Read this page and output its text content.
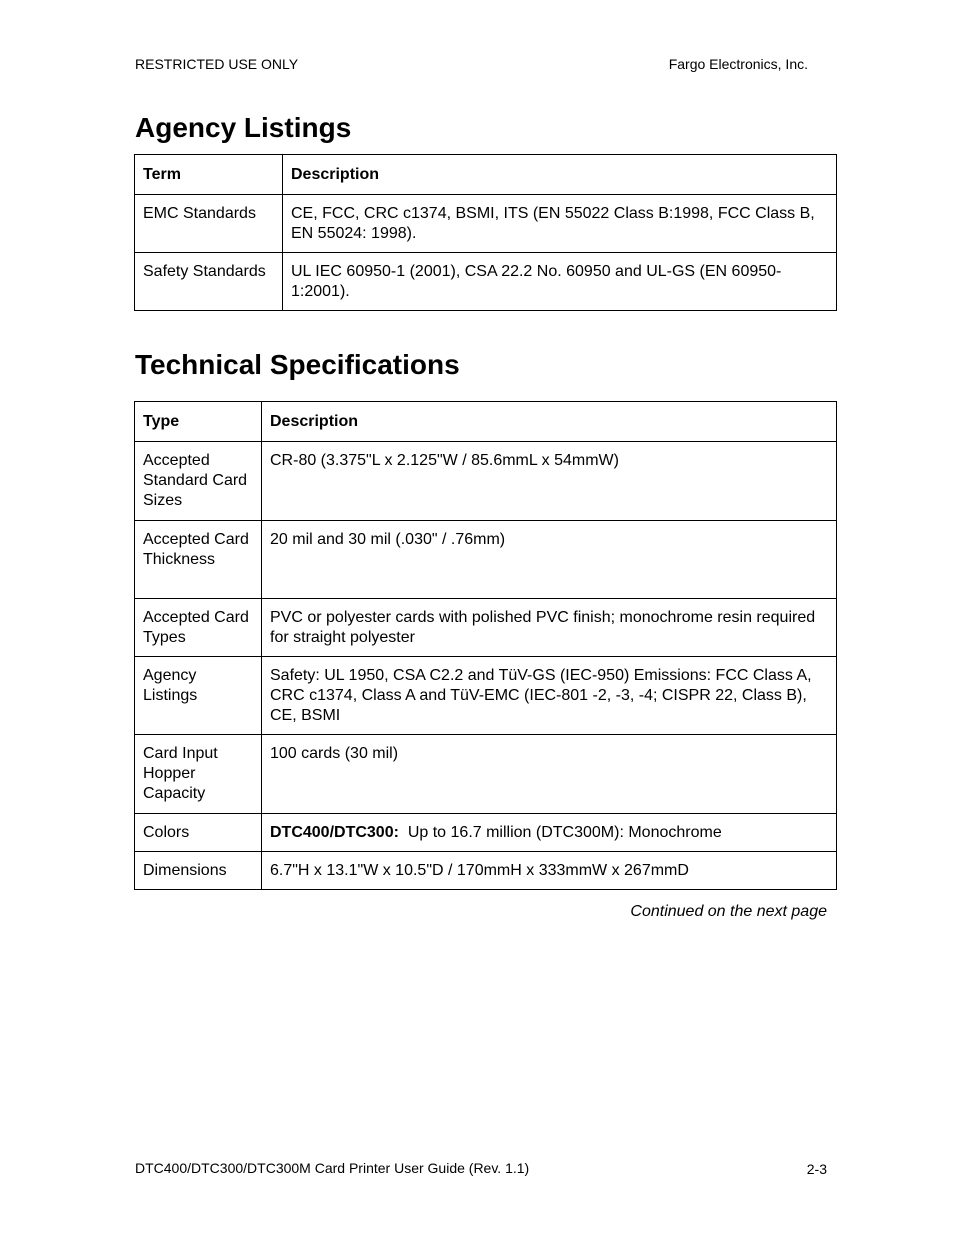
RESTRICTED USE ONLY	Fargo Electronics, Inc.
Agency Listings
Term	Description
EMC Standards	CE, FCC, CRC c1374, BSMI, ITS (EN 55022 Class B:1998, FCC Class B, EN 55024: 1998).
Safety Standards	UL IEC 60950-1 (2001), CSA 22.2 No. 60950 and UL-GS (EN 60950-1:2001).
Technical Specifications
Type	Description
Accepted Standard Card Sizes	CR-80 (3.375"L x 2.125"W / 85.6mmL x 54mmW)
Accepted Card Thickness	20 mil and 30 mil (.030" / .76mm)
Accepted Card Types	PVC or polyester cards with polished PVC finish; monochrome resin required for straight polyester
Agency Listings	Safety: UL 1950, CSA C2.2 and TüV-GS (IEC-950) Emissions: FCC Class A, CRC c1374, Class A and TüV-EMC (IEC-801 -2, -3, -4; CISPR 22, Class B), CE, BSMI
Card Input Hopper Capacity	100 cards (30 mil)
Colors	DTC400/DTC300: Up to 16.7 million (DTC300M): Monochrome
Dimensions	6.7"H x 13.1"W x 10.5"D / 170mmH x 333mmW x 267mmD
Continued on the next page
DTC400/DTC300/DTC300M Card Printer User Guide (Rev. 1.1)	2-3
